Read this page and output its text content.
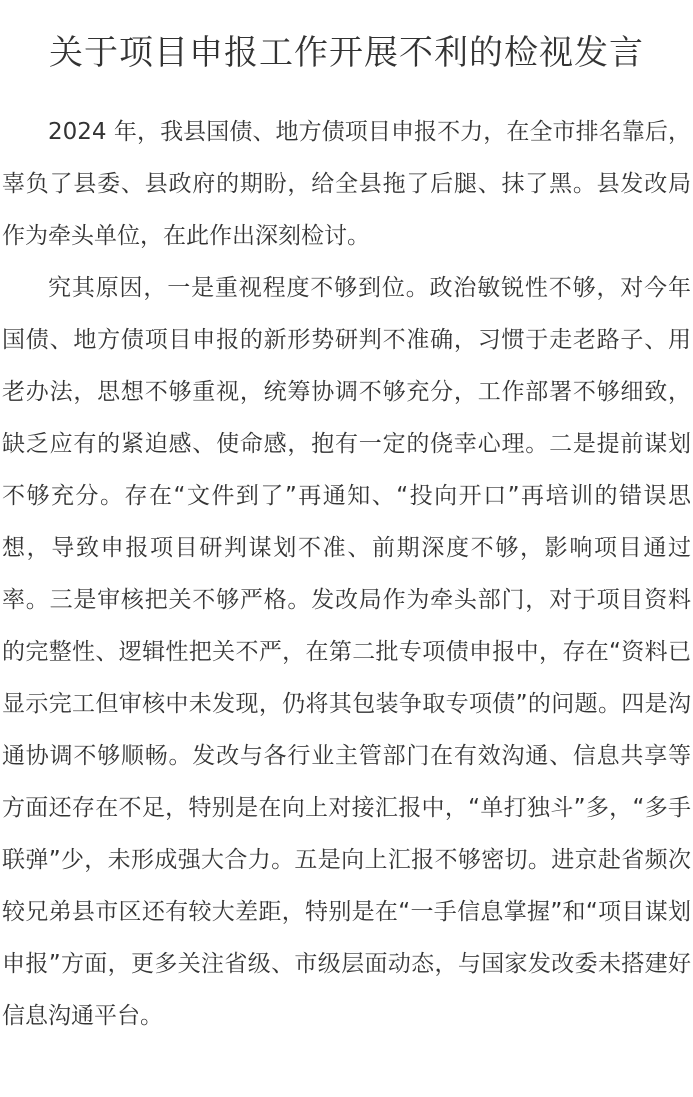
关于项目申报工作开展不利的检视发言

2024 年，我县国债、地方债项目申报不力，在全市排名靠后，辜负了县委、县政府的期盼，给全县拖了后腿、抹了黑。县发改局作为牵头单位，在此作出深刻检讨。

究其原因，一是重视程度不够到位。政治敏锐性不够，对今年国债、地方债项目申报的新形势研判不准确，习惯于走老路子、用老办法，思想不够重视，统筹协调不够充分，工作部署不够细致，缺乏应有的紧迫感、使命感，抱有一定的侥幸心理。二是提前谋划不够充分。存在“文件到了”再通知、“投向开口”再培训的错误思想，导致申报项目研判谋划不准、前期深度不够，影响项目通过率。三是审核把关不够严格。发改局作为牵头部门，对于项目资料的完整性、逻辑性把关不严，在第二批专项债申报中，存在“资料已显示完工但审核中未发现，仍将其包装争取专项债”的问题。四是沟通协调不够顺畅。发改与各行业主管部门在有效沟通、信息共享等方面还存在不足，特别是在向上对接汇报中，“单打独斗”多，“多手联弹”少，未形成强大合力。五是向上汇报不够密切。进京赴省频次较兄弟县市区还有较大差距，特别是在“一手信息掌握”和“项目谋划申报”方面，更多关注省级、市级层面动态，与国家发改委未搭建好信息沟通平台。
